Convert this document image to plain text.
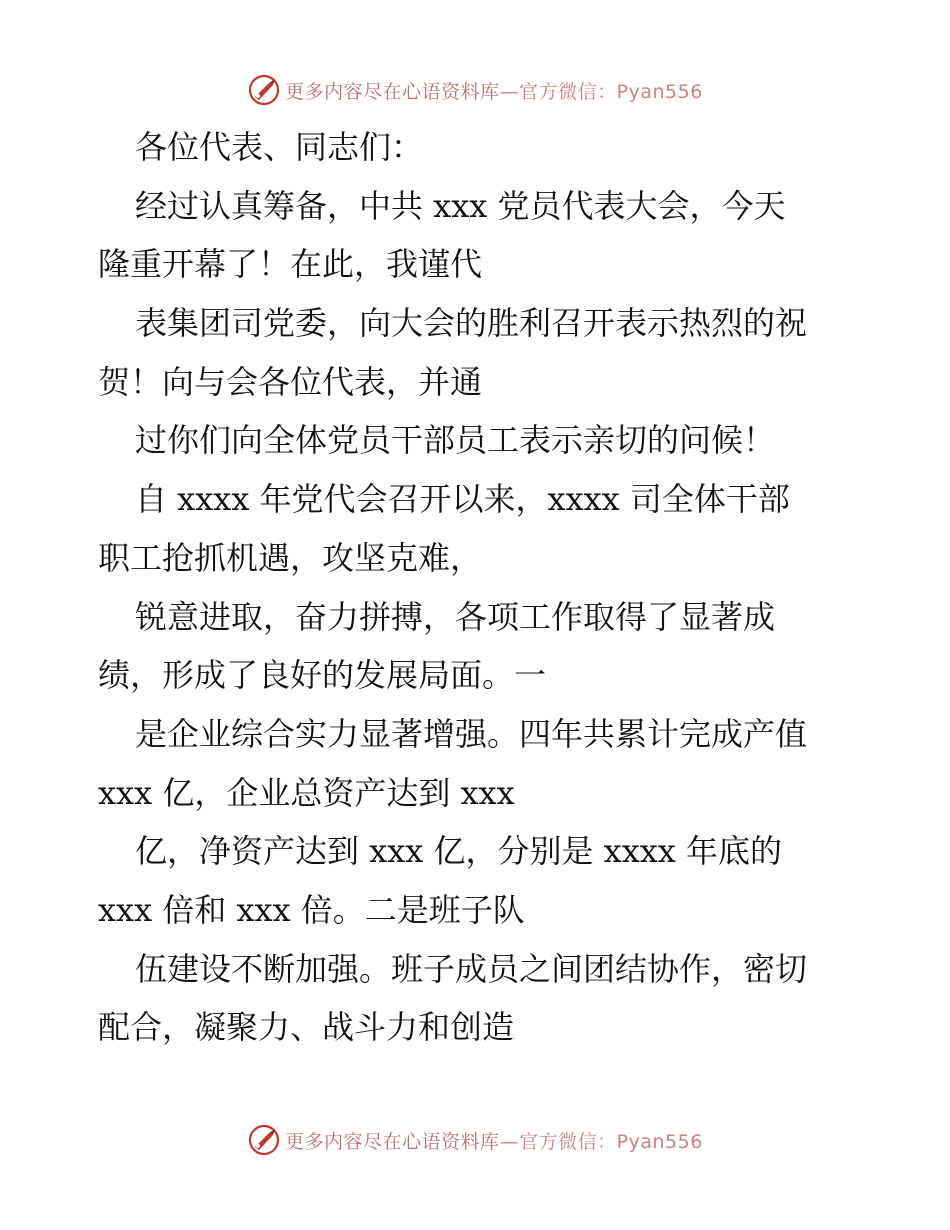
更多内容尽在心语资料库—官方微信：Pyan556
各位代表、同志们：
经过认真筹备，中共 xxx 党员代表大会，今天
隆重开幕了！在此，我谨代
表集团司党委，向大会的胜利召开表示热烈的祝
贺！向与会各位代表，并通
过你们向全体党员干部员工表示亲切的问候！
自 xxxx 年党代会召开以来，xxxx 司全体干部
职工抢抓机遇，攻坚克难，
锐意进取，奋力拼搏，各项工作取得了显著成
绩，形成了良好的发展局面。一
是企业综合实力显著增强。四年共累计完成产值
xxx 亿，企业总资产达到 xxx
亿，净资产达到 xxx 亿，分别是 xxxx 年底的
xxx 倍和 xxx 倍。二是班子队
伍建设不断加强。班子成员之间团结协作，密切
配合，凝聚力、战斗力和创造
更多内容尽在心语资料库—官方微信：Pyan556
